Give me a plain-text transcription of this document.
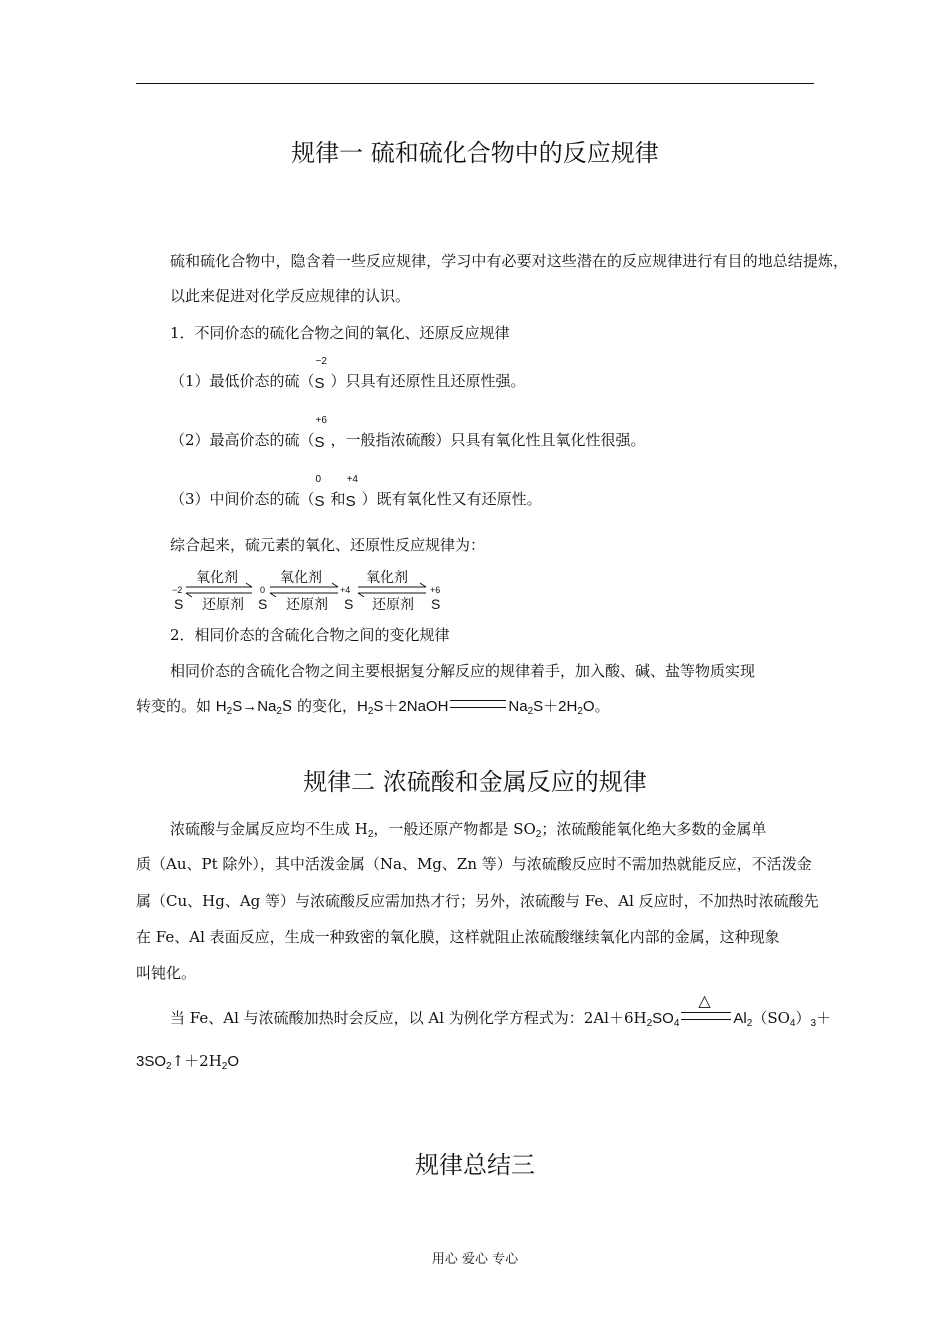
规律一 硫和硫化合物中的反应规律
硫和硫化合物中，隐含着一些反应规律，学习中有必要对这些潜在的反应规律进行有目的地总结提炼，以此来促进对化学反应规律的认识。
1．不同价态的硫化合物之间的氧化、还原反应规律
（1）最低价态的硫（
−2
S ）只具有还原性且还原性强。
（2）最高价态的硫（
+6
S ，一般指浓硫酸）只具有氧化性且氧化性很强。
（3）中间价态的硫（
0
S 和
+4
S ）既有氧化性又有还原性。
综合起来，硫元素的氧化、还原性反应规律为：
−2
S
0
S
+4
S
+6
S
氧化剂
还原剂
氧化剂
还原剂
氧化剂
还原剂
2．相同价态的含硫化合物之间的变化规律
相同价态的含硫化合物之间主要根据复分解反应的规律着手，加入酸、碱、盐等物质实现
转变的。如 $H_2S\to Na_2S$ 的变化，$H_2S+2NaOH$	$Na_2S+2H_2O$。
规律二 浓硫酸和金属反应的规律
浓硫酸与金属反应均不生成 $H_2$，一般还原产物都是 $SO_2$；浓硫酸能氧化绝大多数的金属单
质（Au、Pt 除外），其中活泼金属（Na、Mg、Zn 等）与浓硫酸反应时不需加热就能反应，不活泼金
属（Cu、Hg、Ag 等）与浓硫酸反应需加热才行；另外，浓硫酸与 Fe、Al 反应时，不加热时浓硫酸先
在 Fe、Al 表面反应，生成一种致密的氧化膜，这样就阻止浓硫酸继续氧化内部的金属，这种现象
叫钝化。
当 Fe、Al 与浓硫酸加热时会反应，以 Al 为例化学方程式为：$2Al+6H_2SO_4$
△
$Al_2(SO_4)_3+$
$3SO_2↑+2H_2O$
规律总结三
用心 爱心 专心
